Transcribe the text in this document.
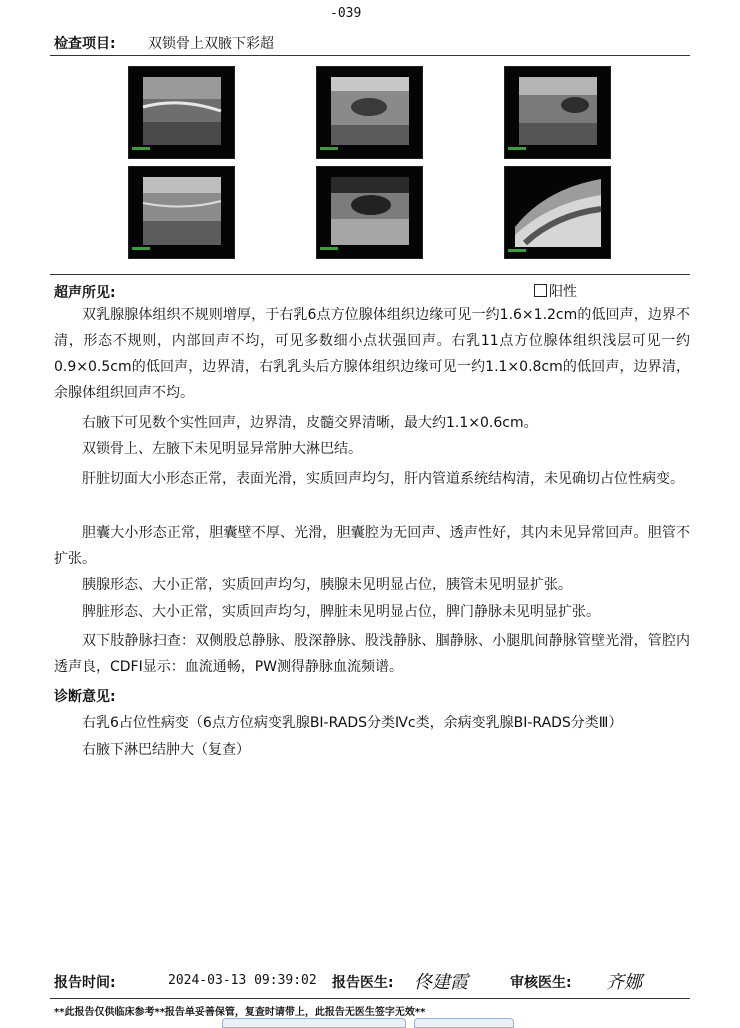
-039
检查项目: 双锁骨上双腋下彩超
超声所见:	阳性

双乳腺腺体组织不规则增厚，于右乳6点方位腺体组织边缘可见一约1.6×1.2cm的低回声，边界不清，形态不规则，内部回声不均，可见多数细小点状强回声。右乳11点方位腺体组织浅层可见一约0.9×0.5cm的低回声，边界清，右乳乳头后方腺体组织边缘可见一约1.1×0.8cm的低回声，边界清，余腺体组织回声不均。

右腋下可见数个实性回声，边界清，皮髓交界清晰，最大约1.1×0.6cm。

双锁骨上、左腋下未见明显异常肿大淋巴结。

肝脏切面大小形态正常，表面光滑，实质回声均匀，肝内管道系统结构清，未见确切占位性病变。

胆囊大小形态正常，胆囊壁不厚、光滑，胆囊腔为无回声、透声性好，其内未见异常回声。胆管不扩张。

胰腺形态、大小正常，实质回声均匀，胰腺未见明显占位，胰管未见明显扩张。

脾脏形态、大小正常，实质回声均匀，脾脏未见明显占位，脾门静脉未见明显扩张。

双下肢静脉扫查：双侧股总静脉、股深静脉、股浅静脉、腘静脉、小腿肌间静脉管壁光滑，管腔内透声良，CDFI显示：血流通畅，PW测得静脉血流频谱。

诊断意见:
右乳6占位性病变（6点方位病变乳腺BI-RADS分类Ⅳc类，余病变乳腺BI-RADS分类Ⅲ）
右腋下淋巴结肿大（复查）
报告时间:	2024-03-13 09:39:02 报告医生: 佟建霞	审核医生: 齐娜
**此报告仅供临床参考**报告单妥善保管，复查时请带上，此报告无医生签字无效**
